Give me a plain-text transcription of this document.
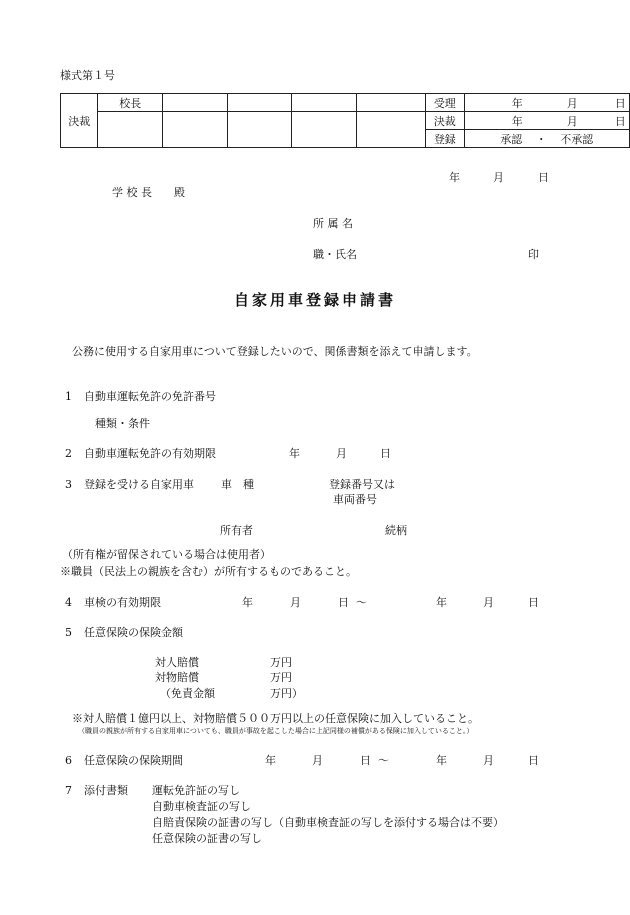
様式第１号
決裁	校長					受理	年 月 日
						決裁	年 月 日
						登録	承認 ・ 不承認
年	月	日
学 校 長　　殿
所 属 名
職・氏名	印
自家用車登録申請書
公務に使用する自家用車について登録したいので、関係書類を添えて申請します。
1 自動車運転免許の免許番号
種類・条件
2 自動車運転免許の有効期限	年	月	日
3 登録を受ける自家用車 車　種	登録番号又は
車両番号
所有者	続柄
（所有権が留保されている場合は使用者）
※職員（民法上の親族を含む）が所有するものであること。
4 車検の有効期限	年	月	日 ～	年	月	日
5 任意保険の保険金額
対人賠償	万円
対物賠償	万円
（免責金額	万円）
※対人賠償１億円以上、対物賠償５００万円以上の任意保険に加入していること。
（職員の親族が所有する自家用車についても、職員が事故を起こした場合に上記同様の補償がある保険に加入していること。）
6 任意保険の保険期間	年	月	日 ～	年	月	日
7 添付書類 運転免許証の写し
自動車検査証の写し
自賠責保険の証書の写し（自動車検査証の写しを添付する場合は不要）
任意保険の証書の写し
